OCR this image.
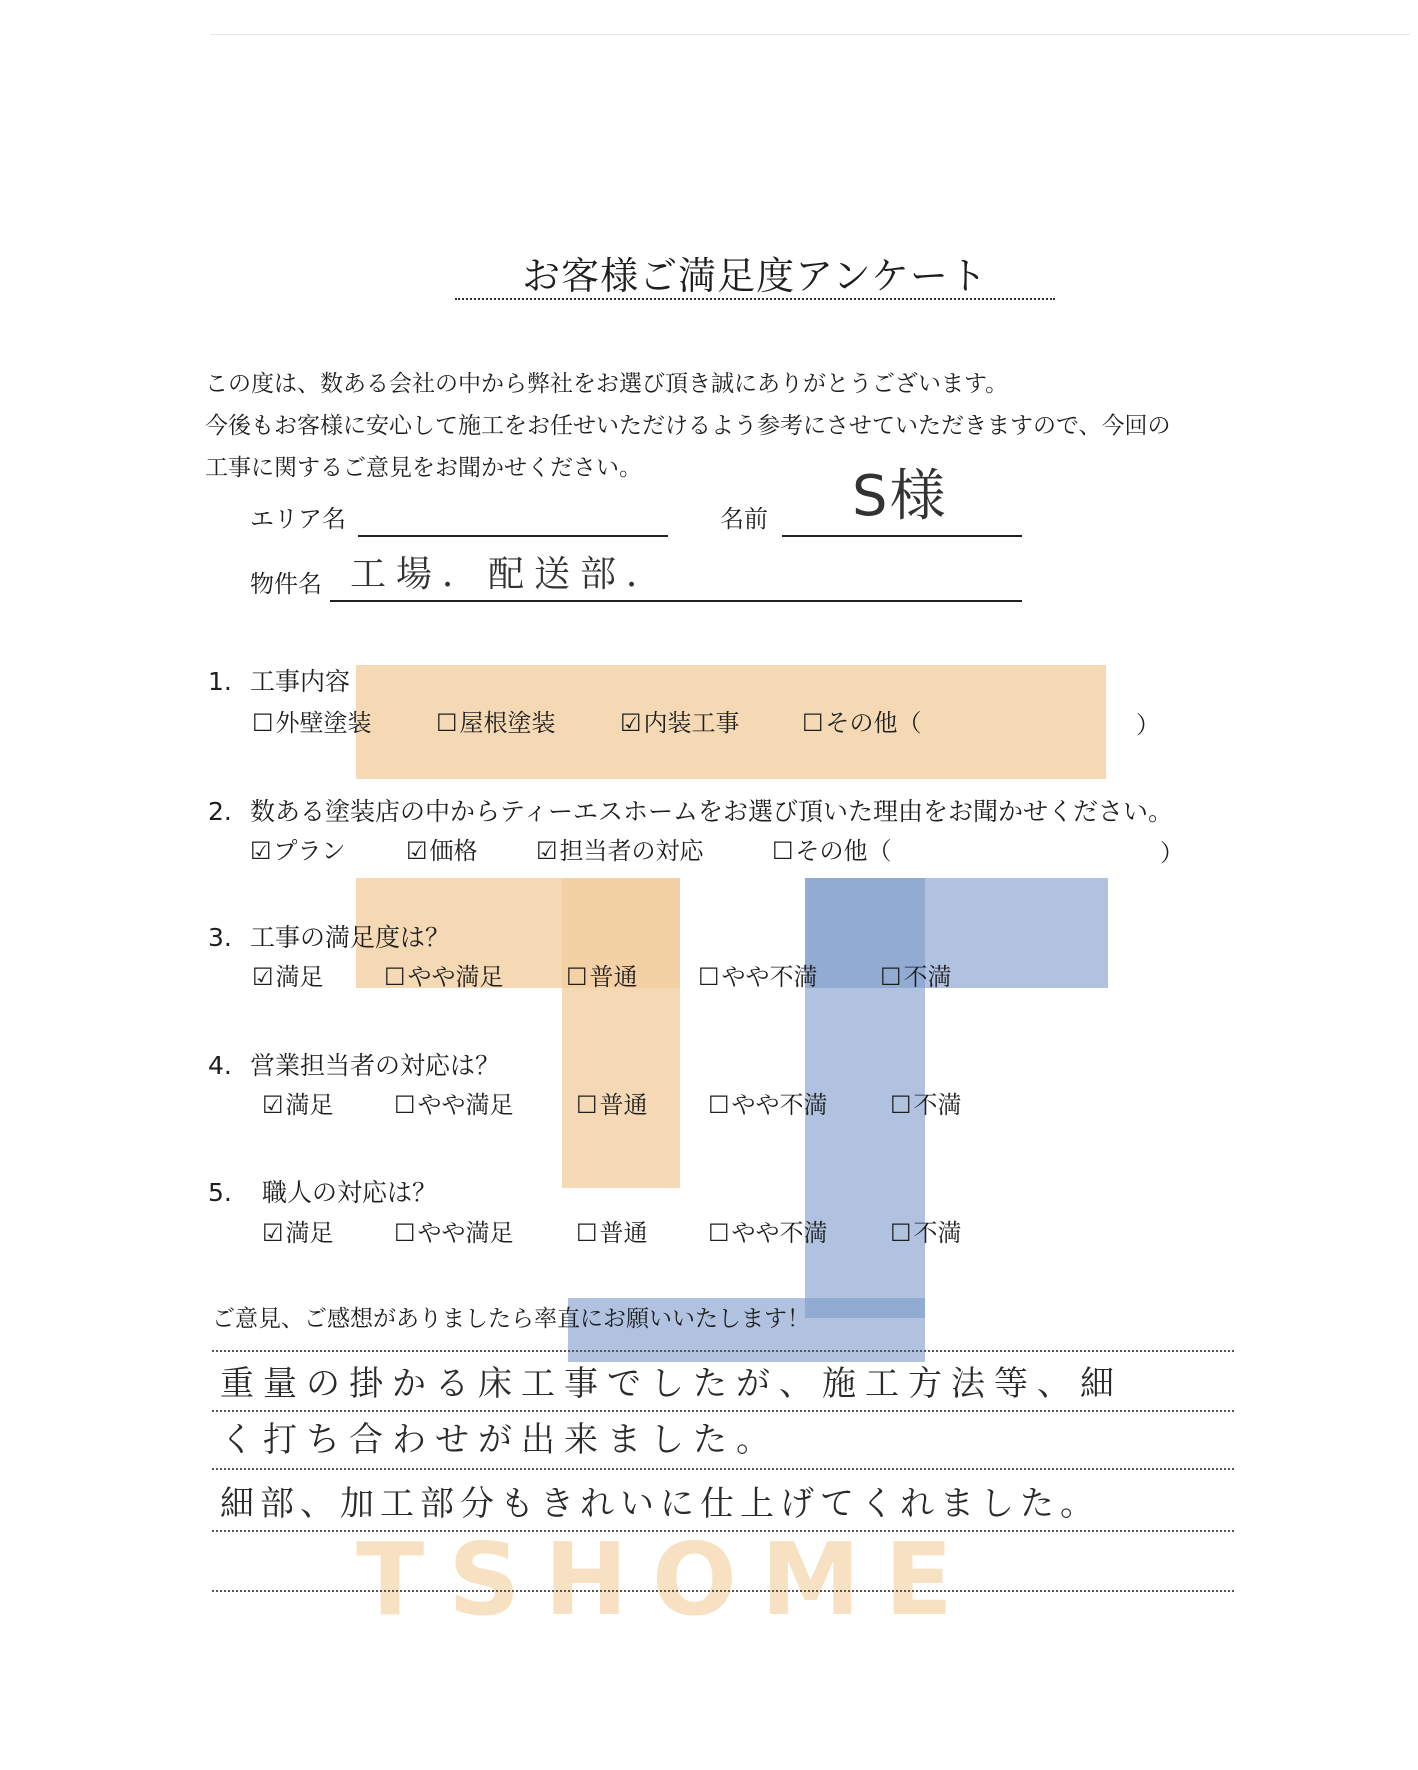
TSHOME
お客様ご満足度アンケート
この度は、数ある会社の中から弊社をお選び頂き誠にありがとうございます。
今後もお客様に安心して施工をお任せいただけるよう参考にさせていただきますので、今回の
工事に関するご意見をお聞かせください。
エリア名	名前 S様
物件名 工場．配送部．
1. 工事内容
☐外壁塗装	☐屋根塗装	☑内装工事	☐その他（	）
2. 数ある塗装店の中からティーエスホームをお選び頂いた理由をお聞かせください。
☑プラン	☑価格 ☑担当者の対応	☐その他（	）
3. 工事の満足度は？
☑満足	☐やや満足	☐普通	☐やや不満	☐不満
4. 営業担当者の対応は？
☑満足	☐やや満足	☐普通	☐やや不満	☐不満
5. 職人の対応は？
☑満足	☐やや満足	☐普通	☐やや不満	☐不満
ご意見、ご感想がありましたら率直にお願いいたします！
重量の掛かる床工事でしたが、施工方法等、細
く打ち合わせが出来ました。
細部、加工部分もきれいに仕上げてくれました。
